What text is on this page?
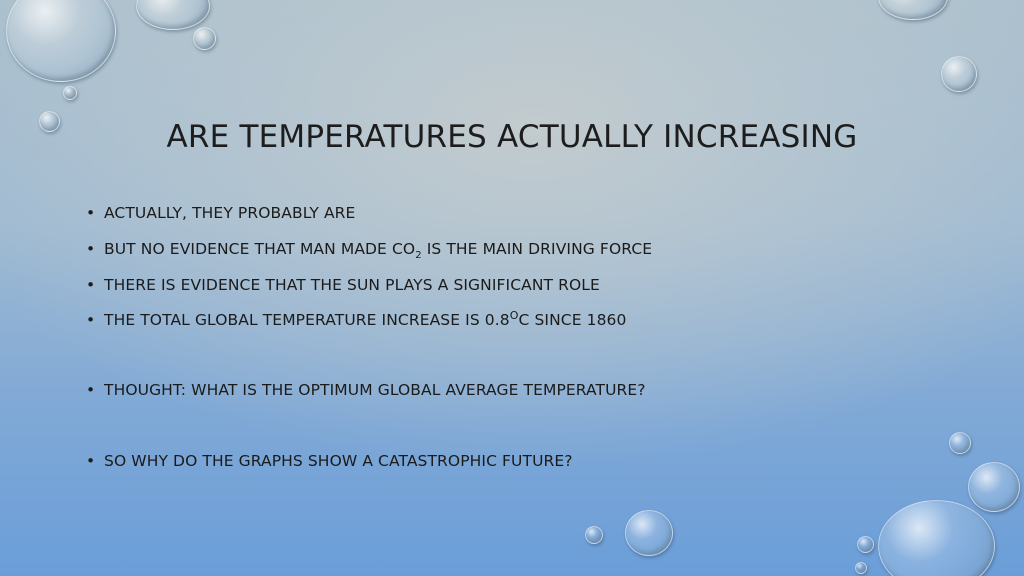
ARE TEMPERATURES ACTUALLY INCREASING
• ACTUALLY, THEY PROBABLY ARE
• BUT NO EVIDENCE THAT MAN MADE $CO_2$ IS THE MAIN DRIVING FORCE
• THERE IS EVIDENCE THAT THE SUN PLAYS A SIGNIFICANT ROLE
• THE TOTAL GLOBAL TEMPERATURE INCREASE IS $0.8^OC$ SINCE 1860
• THOUGHT: WHAT IS THE OPTIMUM GLOBAL AVERAGE TEMPERATURE?
• SO WHY DO THE GRAPHS SHOW A CATASTROPHIC FUTURE?
